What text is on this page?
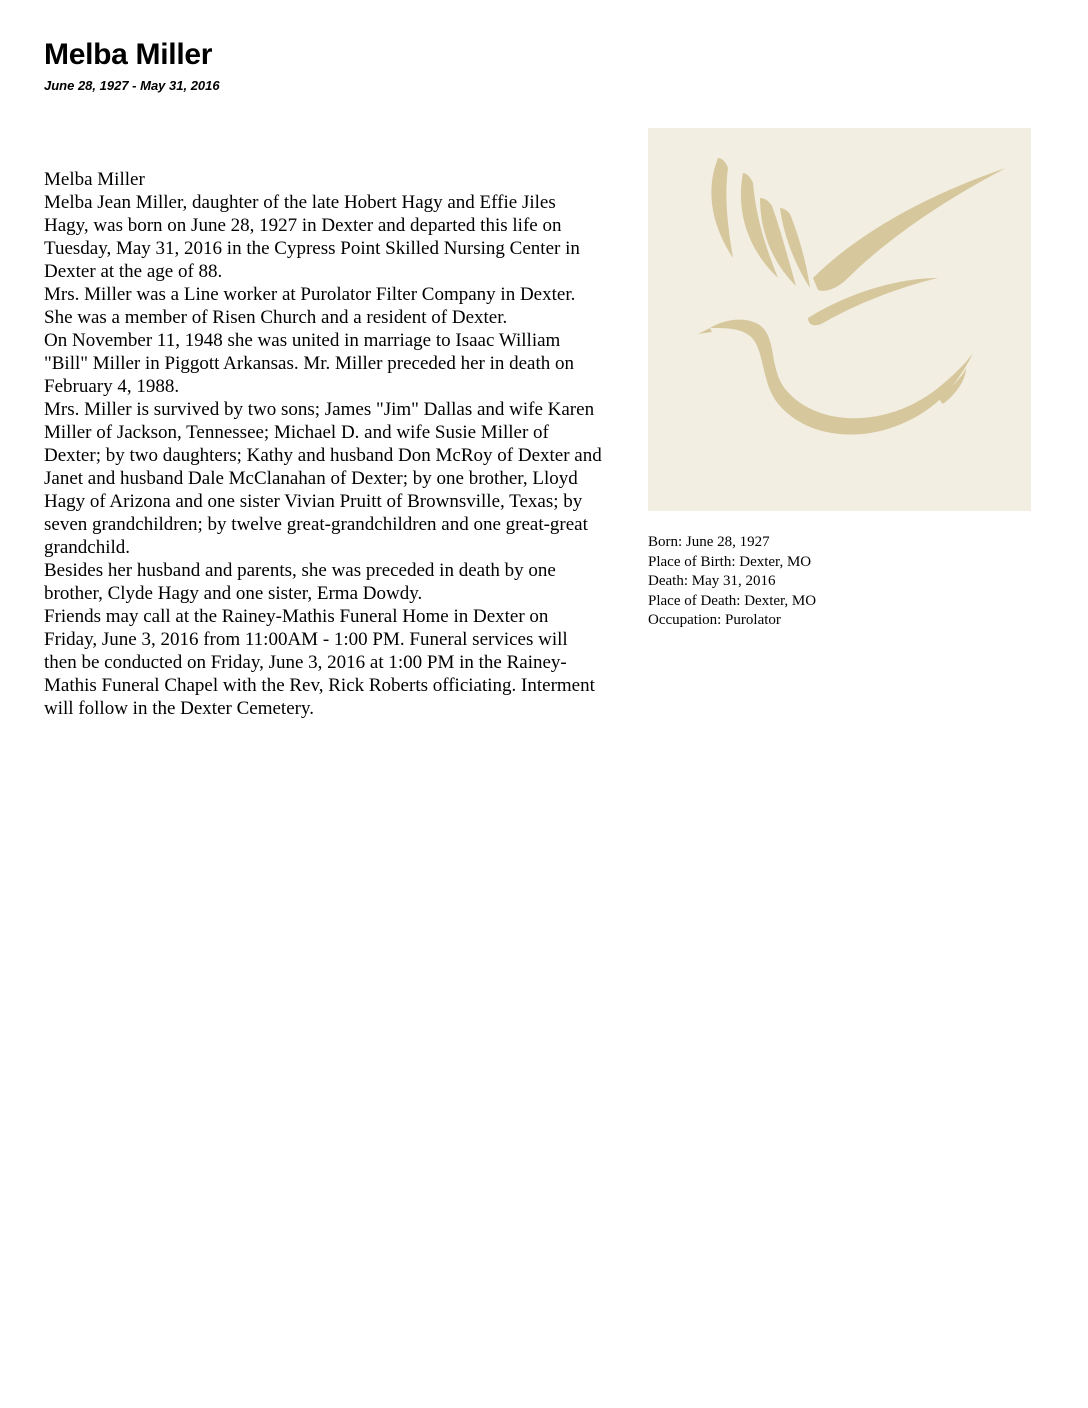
Melba Miller
June 28, 1927 - May 31, 2016

Melba Miller

Melba Jean Miller, daughter of the late Hobert Hagy and Effie Jiles Hagy, was born on June 28, 1927 in Dexter and departed this life on Tuesday, May 31, 2016 in the Cypress Point Skilled Nursing Center in Dexter at the age of 88.

Mrs. Miller was a Line worker at Purolator Filter Company in Dexter. She was a member of Risen Church and a resident of Dexter.

On November 11, 1948 she was united in marriage to Isaac William "Bill" Miller in Piggott Arkansas. Mr. Miller preceded her in death on February 4, 1988.

Mrs. Miller is survived by two sons; James "Jim" Dallas and wife Karen Miller of Jackson, Tennessee; Michael D. and wife Susie Miller of Dexter; by two daughters; Kathy and husband Don McRoy of Dexter and Janet and husband Dale McClanahan of Dexter; by one brother, Lloyd Hagy of Arizona and one sister Vivian Pruitt of Brownsville, Texas; by seven grandchildren; by twelve great-grandchildren and one great-great grandchild.

Besides her husband and parents, she was preceded in death by one brother, Clyde Hagy and one sister, Erma Dowdy.

Friends may call at the Rainey-Mathis Funeral Home in Dexter on Friday, June 3, 2016 from 11:00AM - 1:00 PM. Funeral services will then be conducted on Friday, June 3, 2016 at 1:00 PM in the Rainey-Mathis Funeral Chapel with the Rev, Rick Roberts officiating. Interment will follow in the Dexter Cemetery.

Born: June 28, 1927
Place of Birth: Dexter, MO
Death: May 31, 2016
Place of Death: Dexter, MO
Occupation: Purolator
